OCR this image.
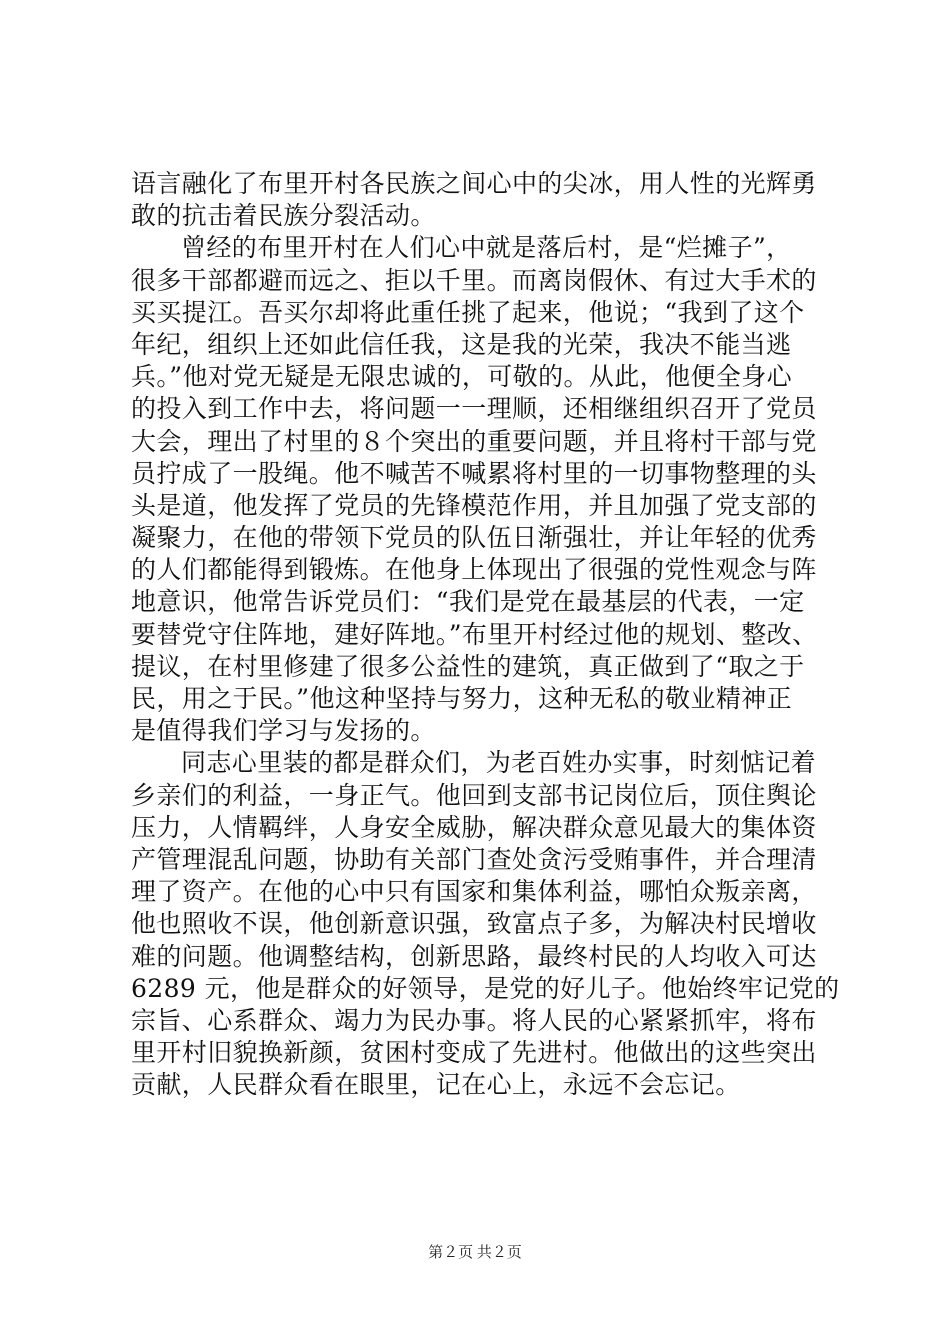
语言融化了布里开村各民族之间心中的尖冰，用人性的光辉勇
敢的抗击着民族分裂活动。
曾经的布里开村在人们心中就是落后村，是“烂摊子”，
很多干部都避而远之、拒以千里。而离岗假休、有过大手术的
买买提江。吾买尔却将此重任挑了起来，他说；“我到了这个
年纪，组织上还如此信任我，这是我的光荣，我决不能当逃
兵。”他对党无疑是无限忠诚的，可敬的。从此，他便全身心
的投入到工作中去，将问题一一理顺，还相继组织召开了党员
大会，理出了村里的８个突出的重要问题，并且将村干部与党
员拧成了一股绳。他不喊苦不喊累将村里的一切事物整理的头
头是道，他发挥了党员的先锋模范作用，并且加强了党支部的
凝聚力，在他的带领下党员的队伍日渐强壮，并让年轻的优秀
的人们都能得到锻炼。在他身上体现出了很强的党性观念与阵
地意识，他常告诉党员们：“我们是党在最基层的代表，一定
要替党守住阵地，建好阵地。”布里开村经过他的规划、整改、
提议，在村里修建了很多公益性的建筑，真正做到了“取之于
民，用之于民。”他这种坚持与努力，这种无私的敬业精神正
是值得我们学习与发扬的。
同志心里装的都是群众们，为老百姓办实事，时刻惦记着
乡亲们的利益，一身正气。他回到支部书记岗位后，顶住舆论
压力，人情羁绊，人身安全威胁，解决群众意见最大的集体资
产管理混乱问题，协助有关部门查处贪污受贿事件，并合理清
理了资产。在他的心中只有国家和集体利益，哪怕众叛亲离，
他也照收不误，他创新意识强，致富点子多，为解决村民增收
难的问题。他调整结构，创新思路，最终村民的人均收入可达
6289 元，他是群众的好领导，是党的好儿子。他始终牢记党的
宗旨、心系群众、竭力为民办事。将人民的心紧紧抓牢，将布
里开村旧貌换新颜，贫困村变成了先进村。他做出的这些突出
贡献，人民群众看在眼里，记在心上，永远不会忘记。
第２页 共２页
